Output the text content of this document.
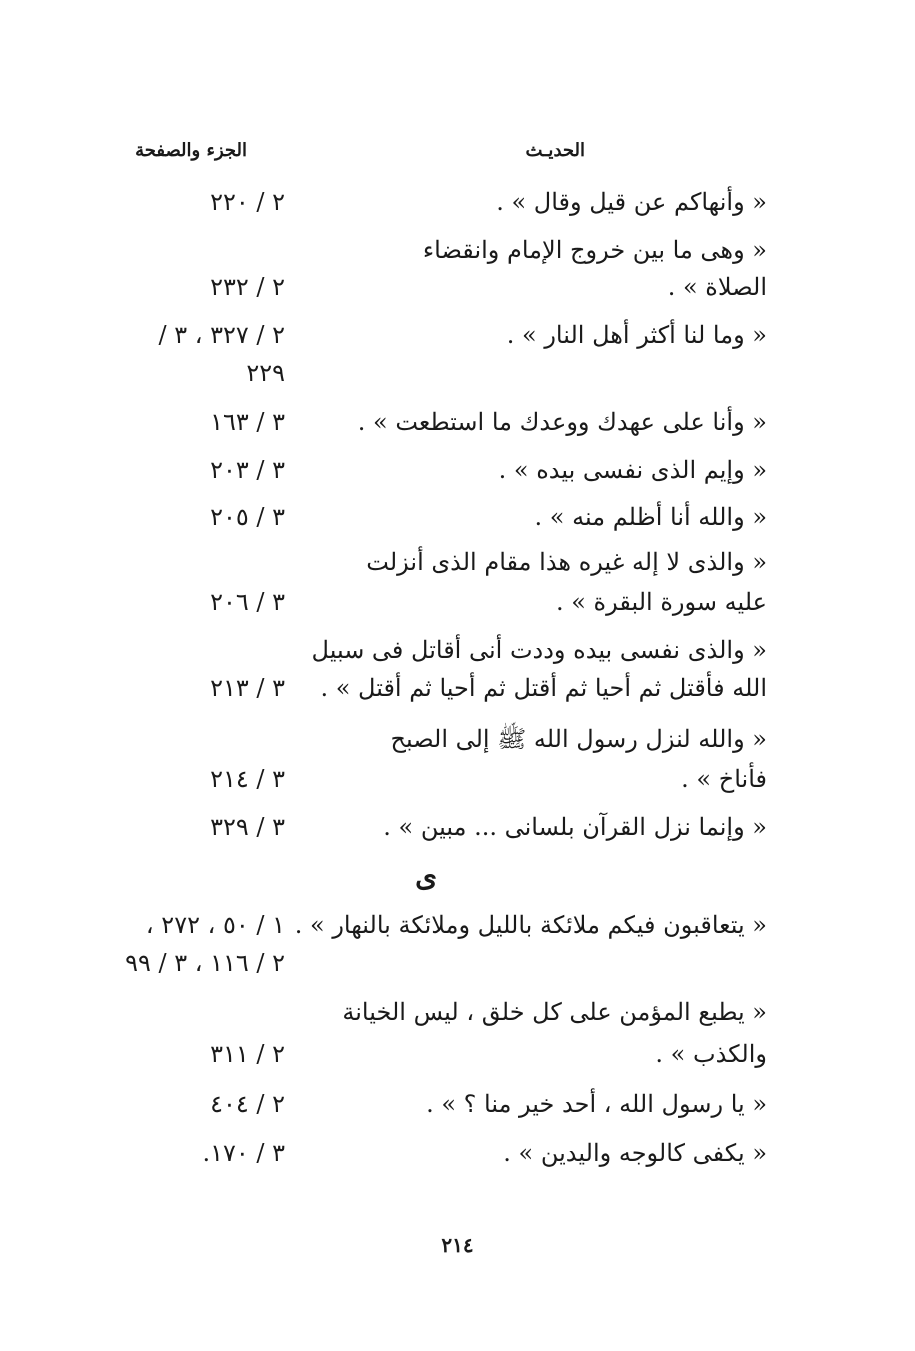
الحديـث
الجزء والصفحة
« وأنهاكم عن قيل وقال » .
٢ / ٢٢٠
« وهى ما بين خروج الإمام وانقضاء
الصلاة » .
٢ / ٢٣٢
« وما لنا أكثر أهل النار » .
٢ / ٣٢٧ ، ٣ /
٢٢٩
« وأنا على عهدك ووعدك ما استطعت » .
٣ / ١٦٣
« وإيم الذى نفسى بيده » .
٣ / ٢٠٣
« والله أنا أظلم منه » .
٣ / ٢٠٥
« والذى لا إله غيره هذا مقام الذى أنزلت
عليه سورة البقرة » .
٣ / ٢٠٦
« والذى نفسى بيده وددت أنى أقاتل فى سبيل
الله فأقتل ثم أحيا ثم أقتل ثم أحيا ثم أقتل » .
٣ / ٢١٣
« والله لنزل رسول الله ﷺ إلى الصبح
فأناخ » .
٣ / ٢١٤
« وإنما نزل القرآن بلسانى ... مبين » .
٣ / ٣٢٩
ى
« يتعاقبون فيكم ملائكة بالليل وملائكة بالنهار » .
١ / ٥٠ ، ٢٧٢ ،
٢ / ١١٦ ، ٣ / ٩٩
« يطبع المؤمن على كل خلق ، ليس الخيانة
والكذب » .
٢ / ٣١١
« يا رسول الله ، أحد خير منا ؟ » .
٢ / ٤٠٤
« يكفى كالوجه واليدين » .
٣ / ١٧٠.
٢١٤
